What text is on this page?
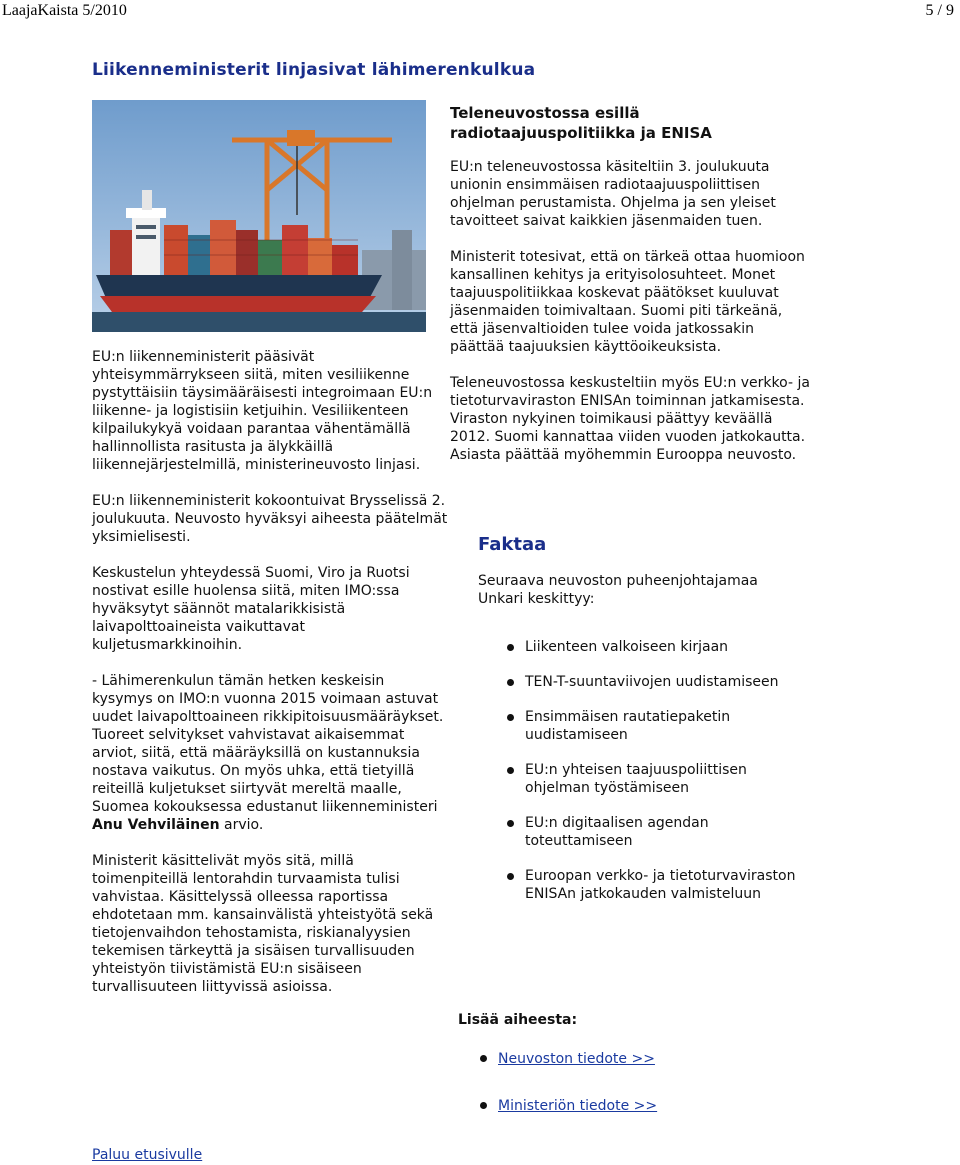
LaajaKaista 5/2010	5 / 9
Liikenneministerit linjasivat lähimerenkulkua

EU:n liikenneministerit pääsivät yhteisymmärrykseen siitä, miten vesiliikenne pystyttäisiin täysimääräisesti integroimaan EU:n liikenne- ja logistisiin ketjuihin. Vesiliikenteen kilpailukykyä voidaan parantaa vähentämällä hallinnollista rasitusta ja älykkäillä liikennejärjestelmillä, ministerineuvosto linjasi.

EU:n liikenneministerit kokoontuivat Brysselissä 2. joulukuuta. Neuvosto hyväksyi aiheesta päätelmät yksimielisesti.

Keskustelun yhteydessä Suomi, Viro ja Ruotsi nostivat esille huolensa siitä, miten IMO:ssa hyväksytyt säännöt matalarikkisistä laivapolttoaineista vaikuttavat kuljetusmarkkinoihin.

- Lähimerenkulun tämän hetken keskeisin kysymys on IMO:n vuonna 2015 voimaan astuvat uudet laivapolttoaineen rikkipitoisuusmääräykset. Tuoreet selvitykset vahvistavat aikaisemmat arviot, siitä, että määräyksillä on kustannuksia nostava vaikutus. On myös uhka, että tietyillä reiteillä kuljetukset siirtyvät mereltä maalle, Suomea kokouksessa edustanut liikenneministeri Anu Vehviläinen arvio.

Ministerit käsittelivät myös sitä, millä toimenpiteillä lentorahdin turvaamista tulisi vahvistaa. Käsittelyssä olleessa raportissa ehdotetaan mm. kansainvälistä yhteistyötä sekä tietojenvaihdon tehostamista, riskianalyysien tekemisen tärkeyttä ja sisäisen turvallisuuden yhteistyön tiivistämistä EU:n sisäiseen turvallisuuteen liittyvissä asioissa.

Teleneuvostossa esillä
radiotaajuuspolitiikka ja ENISA

EU:n teleneuvostossa käsiteltiin 3. joulukuuta unionin ensimmäisen radiotaajuuspoliittisen ohjelman perustamista. Ohjelma ja sen yleiset tavoitteet saivat kaikkien jäsenmaiden tuen.

Ministerit totesivat, että on tärkeä ottaa huomioon kansallinen kehitys ja erityisolosuhteet. Monet taajuuspolitiikkaa koskevat päätökset kuuluvat jäsenmaiden toimivaltaan. Suomi piti tärkeänä, että jäsenvaltioiden tulee voida jatkossakin päättää taajuuksien käyttöoikeuksista.

Teleneuvostossa keskusteltiin myös EU:n verkko- ja tietoturvaviraston ENISAn toiminnan jatkamisesta. Viraston nykyinen toimikausi päättyy keväällä 2012. Suomi kannattaa viiden vuoden jatkokautta. Asiasta päättää myöhemmin Eurooppa neuvosto.

Faktaa
Seuraava neuvoston puheenjohtajamaa Unkari keskittyy:
Liikenteen valkoiseen kirjaan
TEN-T-suuntaviivojen uudistamiseen
Ensimmäisen rautatiepaketin uudistamiseen
EU:n yhteisen taajuuspoliittisen ohjelman työstämiseen
EU:n digitaalisen agendan toteuttamiseen
Euroopan verkko- ja tietoturvaviraston ENISAn jatkokauden valmisteluun
Lisää aiheesta:
Neuvoston tiedote >>
Ministeriön tiedote >>
Paluu etusivulle
